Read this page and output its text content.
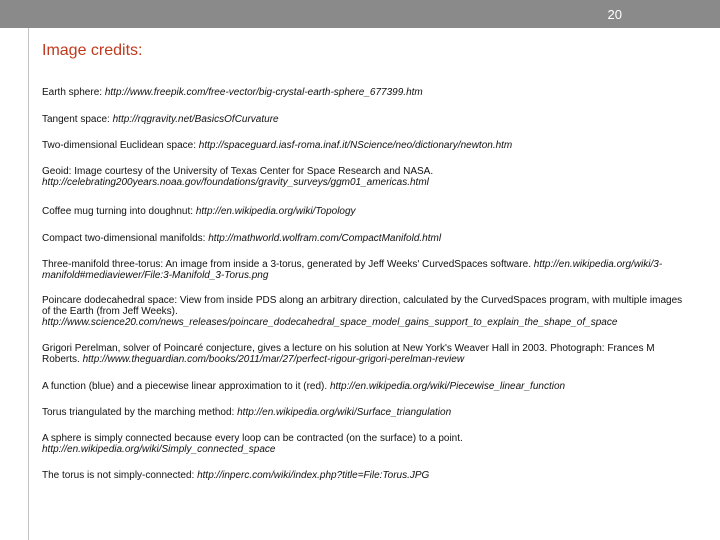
20
Image credits:
Earth sphere: http://www.freepik.com/free-vector/big-crystal-earth-sphere_677399.htm
Tangent space: http://rqgravity.net/BasicsOfCurvature
Two-dimensional Euclidean space: http://spaceguard.iasf-roma.inaf.it/NScience/neo/dictionary/newton.htm
Geoid: Image courtesy of the University of Texas Center for Space Research and NASA. http://celebrating200years.noaa.gov/foundations/gravity_surveys/ggm01_americas.html
Coffee mug turning into doughnut: http://en.wikipedia.org/wiki/Topology
Compact two-dimensional manifolds: http://mathworld.wolfram.com/CompactManifold.html
Three-manifold three-torus: An image from inside a 3-torus, generated by Jeff Weeks' CurvedSpaces software. http://en.wikipedia.org/wiki/3-manifold#mediaviewer/File:3-Manifold_3-Torus.png
Poincare dodecahedral space: View from inside PDS along an arbitrary direction, calculated by the CurvedSpaces program, with multiple images of the Earth (from Jeff Weeks). http://www.science20.com/news_releases/poincare_dodecahedral_space_model_gains_support_to_explain_the_shape_of_space
Grigori Perelman, solver of Poincaré conjecture, gives a lecture on his solution at New York's Weaver Hall in 2003. Photograph: Frances M Roberts. http://www.theguardian.com/books/2011/mar/27/perfect-rigour-grigori-perelman-review
A function (blue) and a piecewise linear approximation to it (red). http://en.wikipedia.org/wiki/Piecewise_linear_function
Torus triangulated by the marching method: http://en.wikipedia.org/wiki/Surface_triangulation
A sphere is simply connected because every loop can be contracted (on the surface) to a point. http://en.wikipedia.org/wiki/Simply_connected_space
The torus is not simply-connected: http://inperc.com/wiki/index.php?title=File:Torus.JPG
